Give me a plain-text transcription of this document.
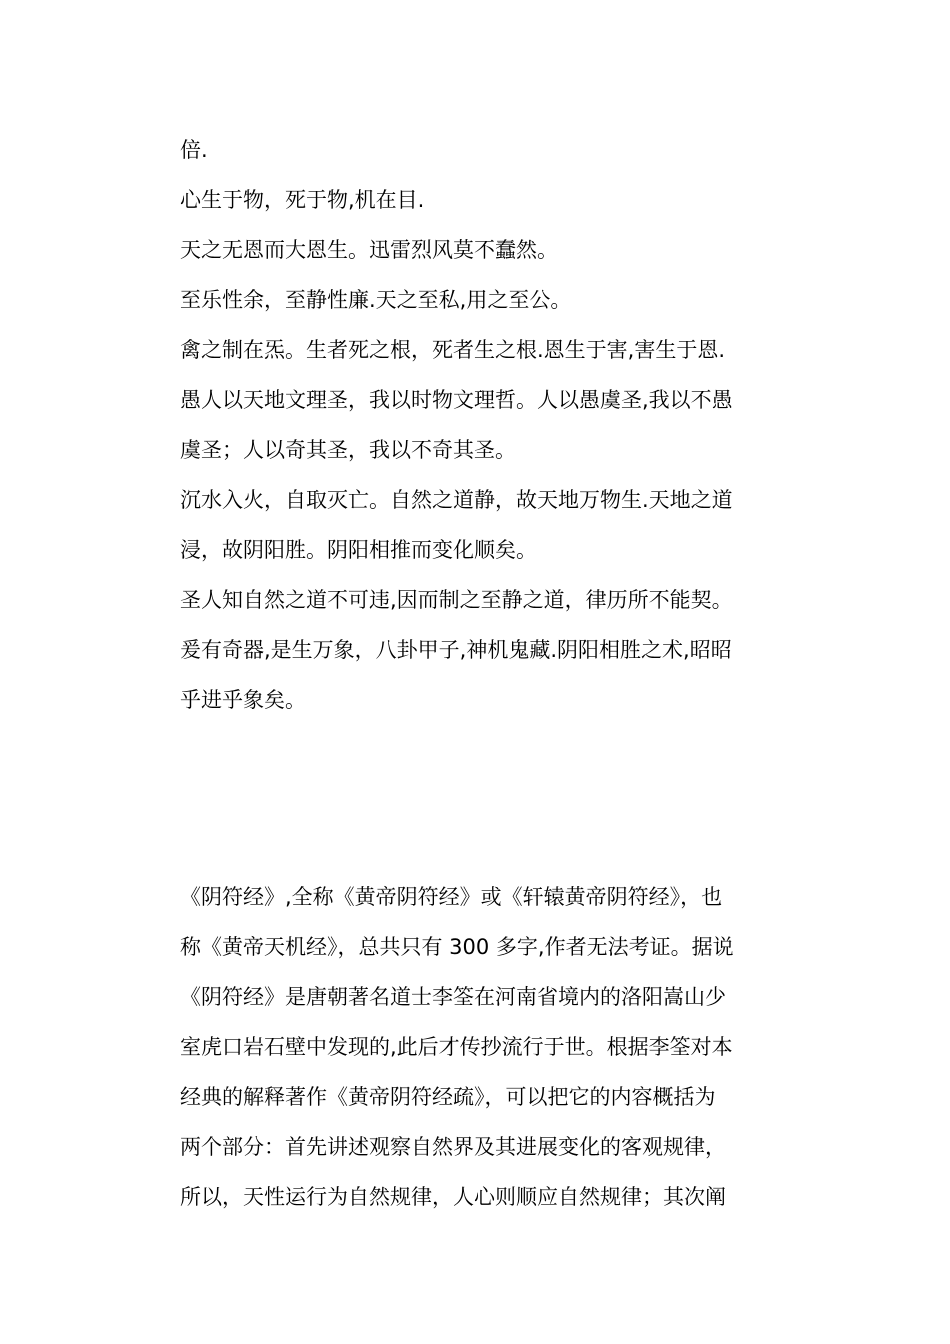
倍.
心生于物，死于物,机在目.
天之无恩而大恩生。迅雷烈风莫不蠢然。
至乐性余，至静性廉.天之至私,用之至公。
禽之制在炁。生者死之根，死者生之根.恩生于害,害生于恩.
愚人以天地文理圣，我以时物文理哲。人以愚虞圣,我以不愚
虞圣；人以奇其圣，我以不奇其圣。
沉水入火，自取灭亡。自然之道静，故天地万物生.天地之道
浸，故阴阳胜。阴阳相推而变化顺矣。
圣人知自然之道不可违,因而制之至静之道，律历所不能契。
爰有奇器,是生万象，八卦甲子,神机鬼藏.阴阳相胜之术,昭昭
乎进乎象矣。
《阴符经》,全称《黄帝阴符经》或《轩辕黄帝阴符经》，也
称《黄帝天机经》，总共只有 300 多字,作者无法考证。据说
《阴符经》是唐朝著名道士李筌在河南省境内的洛阳嵩山少
室虎口岩石壁中发现的,此后才传抄流行于世。根据李筌对本
经典的解释著作《黄帝阴符经疏》，可以把它的内容概括为
两个部分：首先讲述观察自然界及其进展变化的客观规律，
所以，天性运行为自然规律，人心则顺应自然规律；其次阐
